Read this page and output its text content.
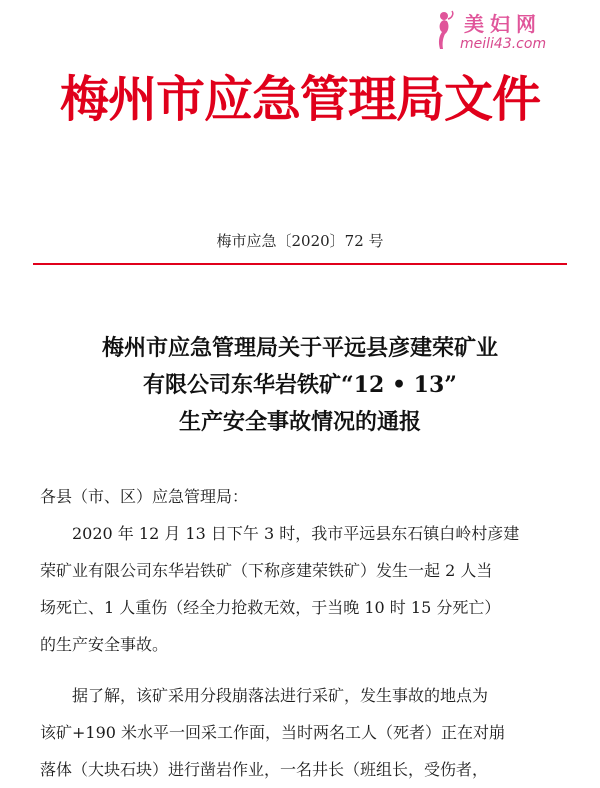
美妇网
meili43.com
梅州市应急管理局文件
梅市应急〔2020〕72 号
梅州市应急管理局关于平远县彦建荣矿业
有限公司东华岩铁矿“12 • 13”
生产安全事故情况的通报

各县（市、区）应急管理局：

2020 年 12 月 13 日下午 3 时，我市平远县东石镇白岭村彦建

荣矿业有限公司东华岩铁矿（下称彦建荣铁矿）发生一起 2 人当

场死亡、1 人重伤（经全力抢救无效，于当晚 10 时 15 分死亡）

的生产安全事故。

据了解，该矿采用分段崩落法进行采矿，发生事故的地点为

该矿+190 米水平一回采工作面，当时两名工人（死者）正在对崩

落体（大块石块）进行凿岩作业，一名井长（班组长，受伤者，
